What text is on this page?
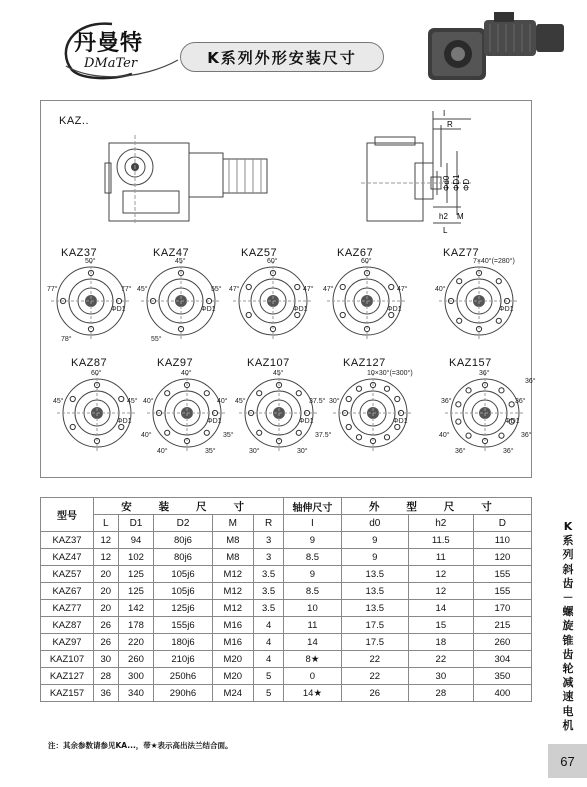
丹曼特
DMaTer	K系列外形安装尺寸
KAZ..
I
R
ΦD
ΦD1
Φd0
h2 M
L
KAZ37	KAZ47	KAZ57	KAZ67	KAZ77
KAZ87	KAZ97	KAZ107	KAZ127	KAZ157
50°
77°	77°
78°
ΦD1
45°
45°	55°
55°
ΦD1
60°
47°	47°
ΦD1
60°
47°	47°
ΦD1
7×40°(=280°)
40°
ΦD1
60°
45°	45°
ΦD1
40°
40°	40°
40°	35°
35°
40°
ΦD1
45°
45°	37.5°
30°	30°
37.5°
ΦD1
10×30°(=300°)
30°
ΦD1
36°
36°	36°
36°	36°
36°
40°
36°
ΦD1
型号	安 装 尺 寸					轴伸尺寸	外 型 尺 寸		
	L	D1	D2	M	R	I	d0	h2	D
KAZ37	12	94	80j6	M8	3	9	9	11.5	110
KAZ47	12	102	80j6	M8	3	8.5	9	11	120
KAZ57	20	125	105j6	M12	3.5	9	13.5	12	155
KAZ67	20	125	105j6	M12	3.5	8.5	13.5	12	155
KAZ77	20	142	125j6	M12	3.5	10	13.5	14	170
KAZ87	26	178	155j6	M16	4	11	17.5	15	215
KAZ97	26	220	180j6	M16	4	14	17.5	18	260
KAZ107	30	260	210j6	M20	4	8★	22	22	304
KAZ127	28	300	250h6	M20	5	0	22	30	350
KAZ157	36	340	290h6	M24	5	14★	26	28	400
注：其余参数请参见KA...，带★表示高出法兰结合面。
K
系
列
斜
齿
－
螺
旋
锥
齿
轮
减
速
电
机
67
